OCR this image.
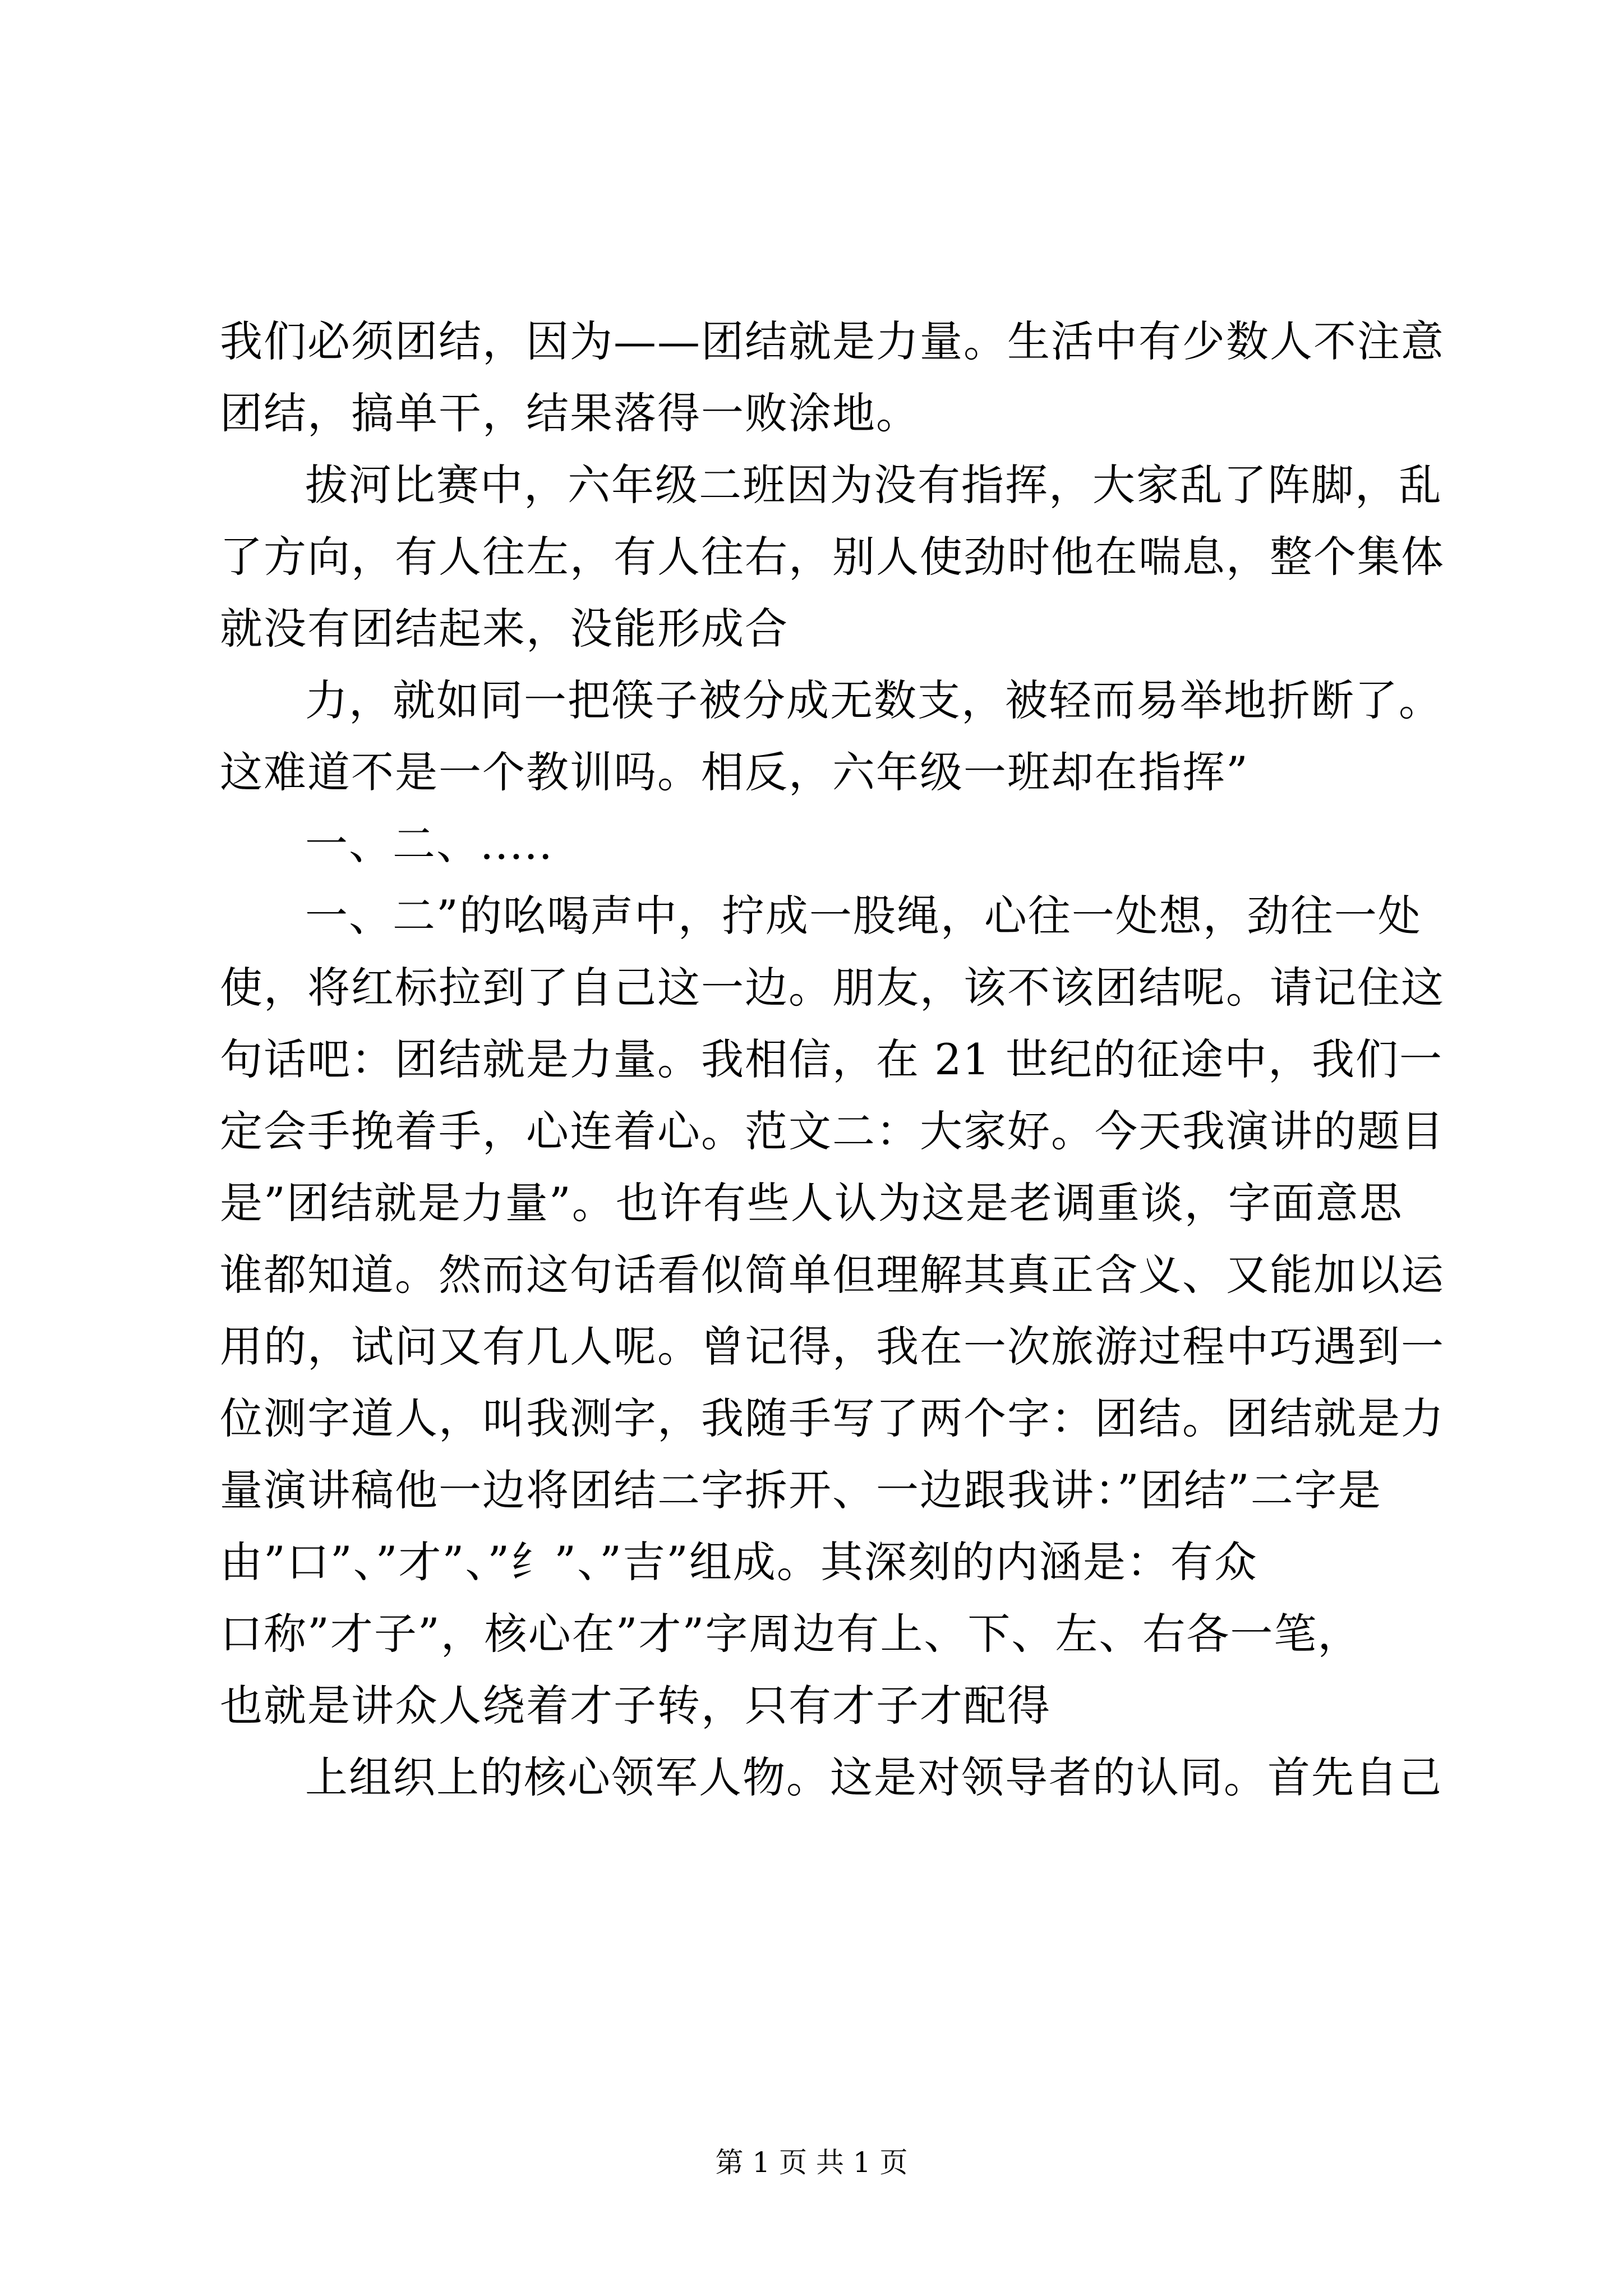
我们必须团结，因为——团结就是力量。生活中有少数人不注意
团结，搞单干，结果落得一败涂地。
拔河比赛中，六年级二班因为没有指挥，大家乱了阵脚，乱
了方向，有人往左，有人往右，别人使劲时他在喘息，整个集体
就没有团结起来，没能形成合
力，就如同一把筷子被分成无数支，被轻而易举地折断了。
这难道不是一个教训吗。相反，六年级一班却在指挥”
一、二、.....
一、二”的吆喝声中，拧成一股绳，心往一处想，劲往一处
使，将红标拉到了自己这一边。朋友，该不该团结呢。请记住这
句话吧：团结就是力量。我相信，在 21 世纪的征途中，我们一
定会手挽着手，心连着心。范文二：大家好。今天我演讲的题目
是”团结就是力量”。也许有些人认为这是老调重谈，字面意思
谁都知道。然而这句话看似简单但理解其真正含义、又能加以运
用的，试问又有几人呢。曾记得，我在一次旅游过程中巧遇到一
位测字道人，叫我测字，我随手写了两个字：团结。团结就是力
量演讲稿他一边将团结二字拆开、一边跟我讲：”团结”二字是
由”口”、”才”、”纟”、”吉”组成。其深刻的内涵是：有众
口称”才子”，核心在”才”字周边有上、下、左、右各一笔，
也就是讲众人绕着才子转，只有才子才配得
上组织上的核心领军人物。这是对领导者的认同。首先自己
第 1 页 共 1 页
